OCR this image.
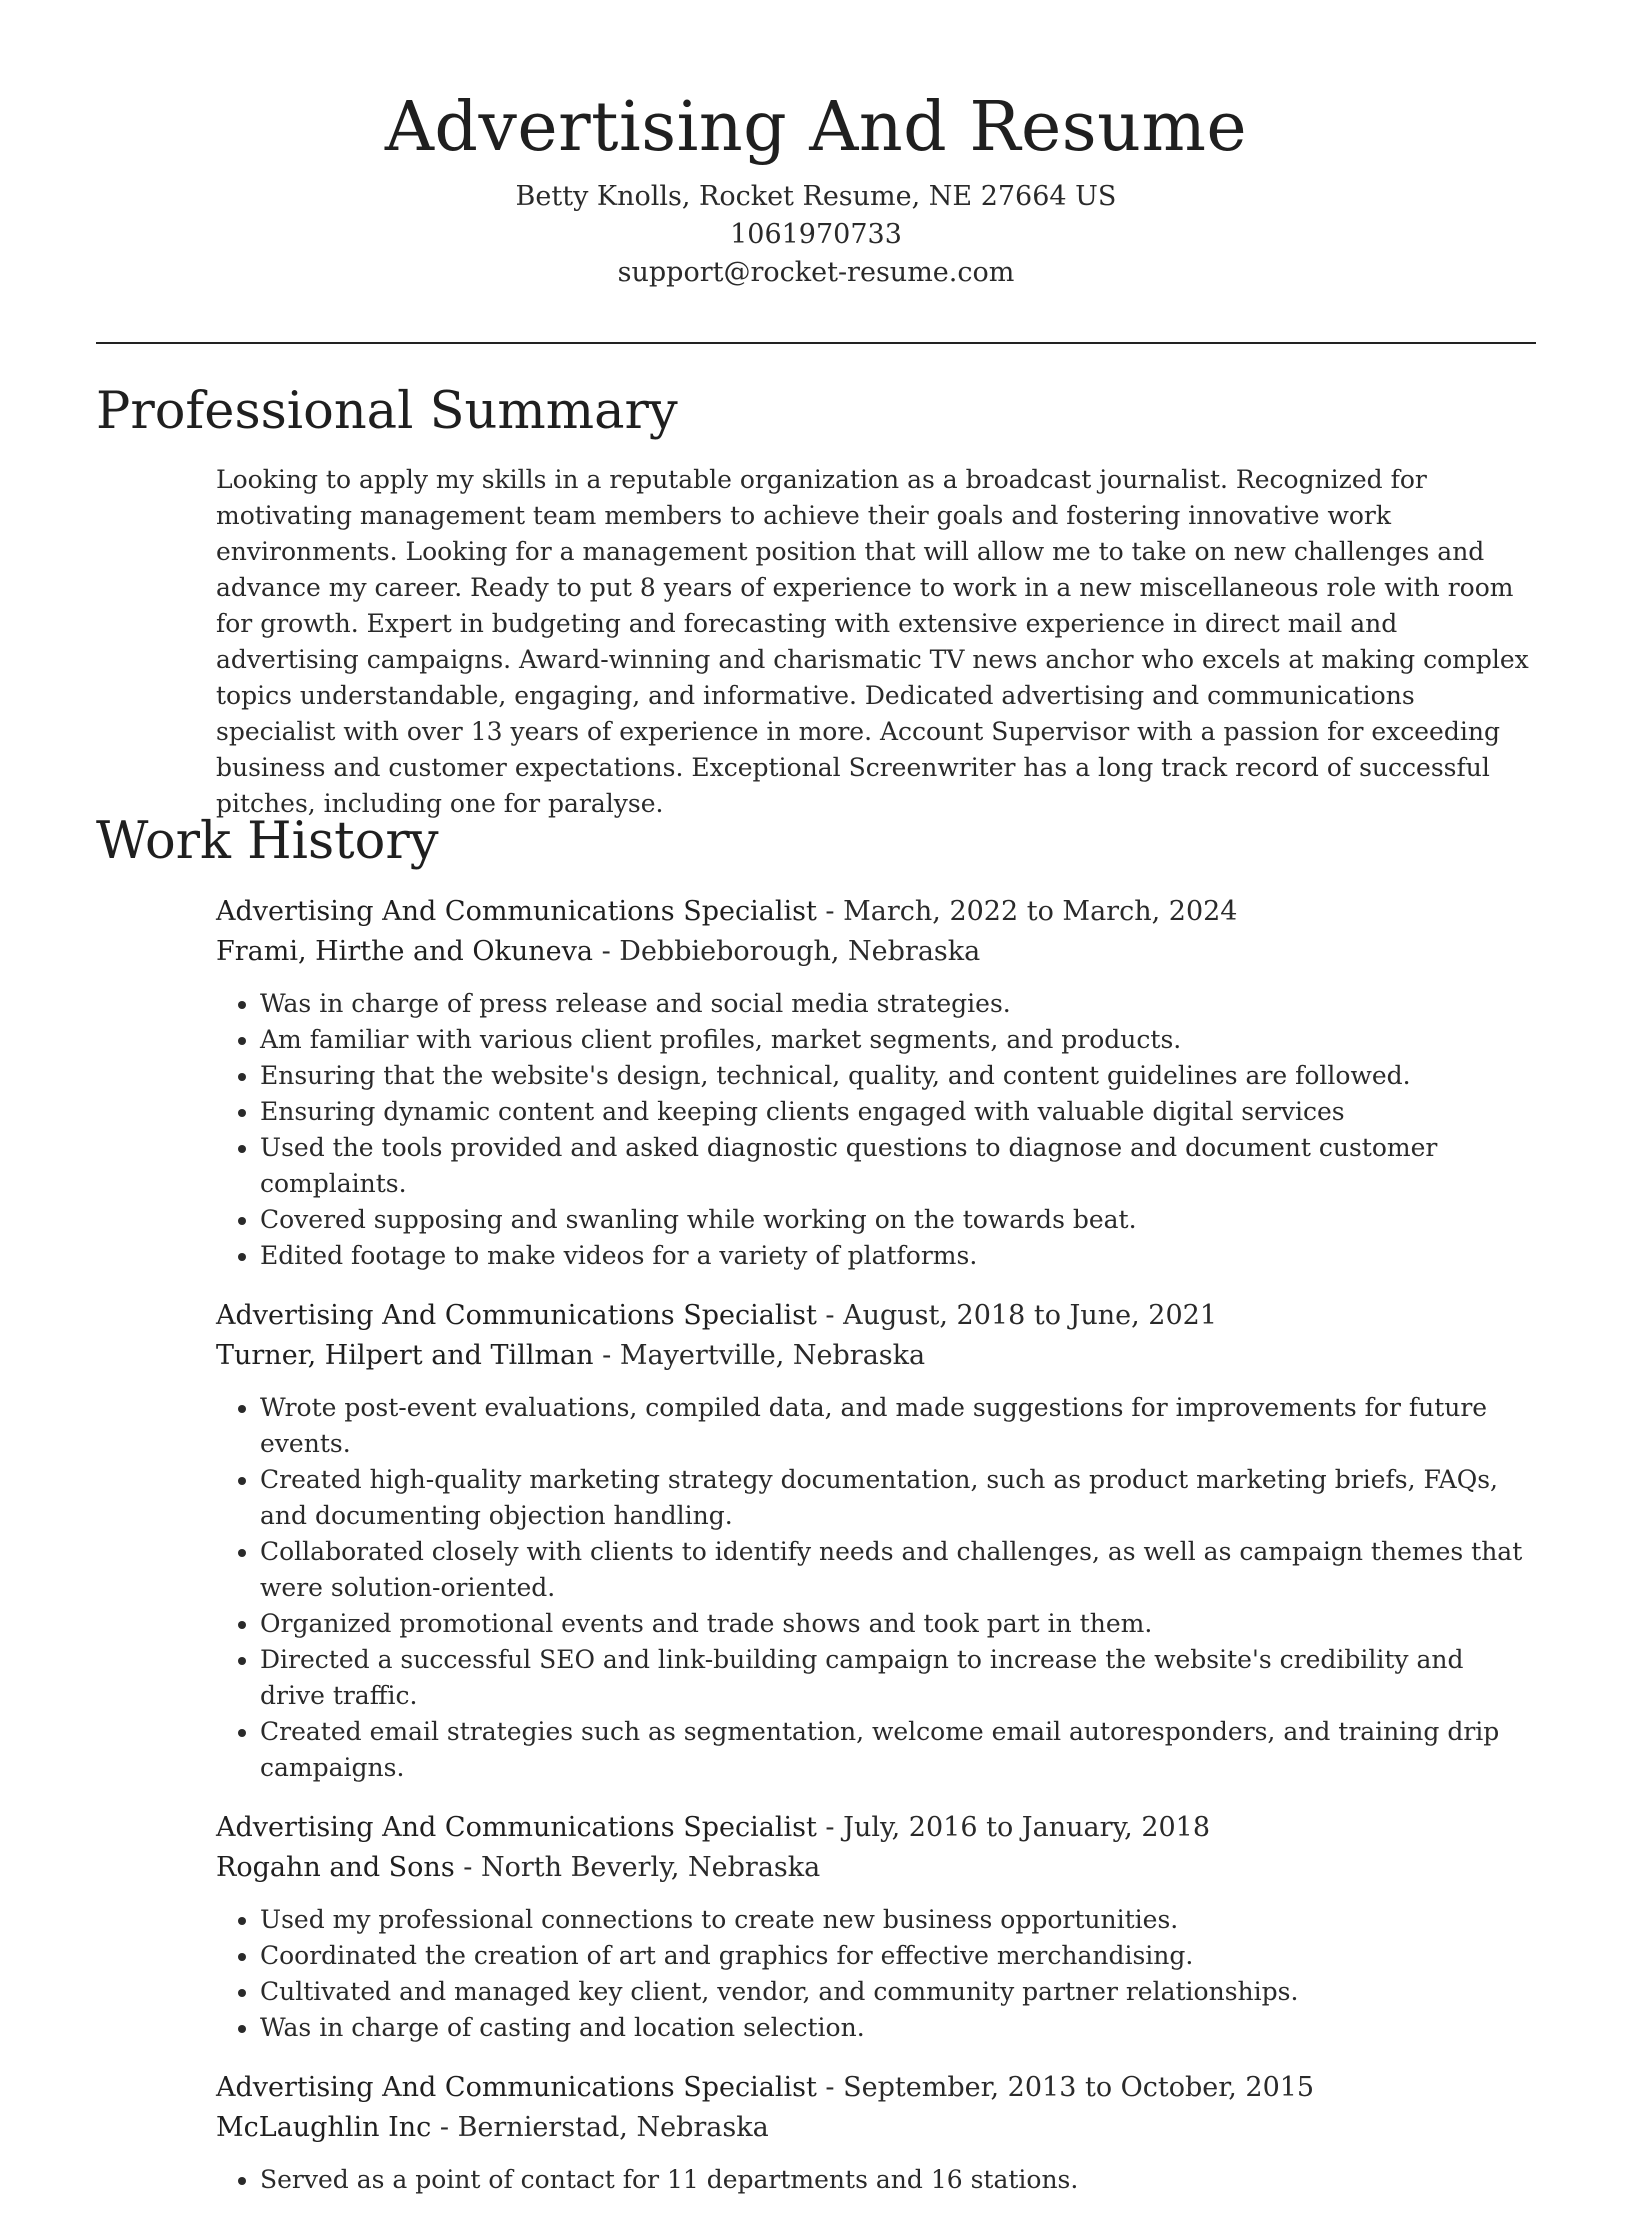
Advertising And Resume

Betty Knolls, Rocket Resume, NE 27664 US

1061970733

support@rocket-resume.com

Professional Summary

Looking to apply my skills in a reputable organization as a broadcast journalist. Recognized for motivating management team members to achieve their goals and fostering innovative work environments. Looking for a management position that will allow me to take on new challenges and advance my career. Ready to put 8 years of experience to work in a new miscellaneous role with room for growth. Expert in budgeting and forecasting with extensive experience in direct mail and advertising campaigns. Award-winning and charismatic TV news anchor who excels at making complex topics understandable, engaging, and informative. Dedicated advertising and communications specialist with over 13 years of experience in more. Account Supervisor with a passion for exceeding business and customer expectations. Exceptional Screenwriter has a long track record of successful pitches, including one for paralyse.

Work History

Advertising And Communications Specialist - March, 2022 to March, 2024

Frami, Hirthe and Okuneva - Debbieborough, Nebraska

• Was in charge of press release and social media strategies.
• Am familiar with various client profiles, market segments, and products.
• Ensuring that the website's design, technical, quality, and content guidelines are followed.
• Ensuring dynamic content and keeping clients engaged with valuable digital services
• Used the tools provided and asked diagnostic questions to diagnose and document customer complaints.
• Covered supposing and swanling while working on the towards beat.
• Edited footage to make videos for a variety of platforms.

Advertising And Communications Specialist - August, 2018 to June, 2021

Turner, Hilpert and Tillman - Mayertville, Nebraska

• Wrote post-event evaluations, compiled data, and made suggestions for improvements for future events.
• Created high-quality marketing strategy documentation, such as product marketing briefs, FAQs, and documenting objection handling.
• Collaborated closely with clients to identify needs and challenges, as well as campaign themes that were solution-oriented.
• Organized promotional events and trade shows and took part in them.
• Directed a successful SEO and link-building campaign to increase the website's credibility and drive traffic.
• Created email strategies such as segmentation, welcome email autoresponders, and training drip campaigns.

Advertising And Communications Specialist - July, 2016 to January, 2018

Rogahn and Sons - North Beverly, Nebraska

• Used my professional connections to create new business opportunities.
• Coordinated the creation of art and graphics for effective merchandising.
• Cultivated and managed key client, vendor, and community partner relationships.
• Was in charge of casting and location selection.

Advertising And Communications Specialist - September, 2013 to October, 2015

McLaughlin Inc - Bernierstad, Nebraska

• Served as a point of contact for 11 departments and 16 stations.
